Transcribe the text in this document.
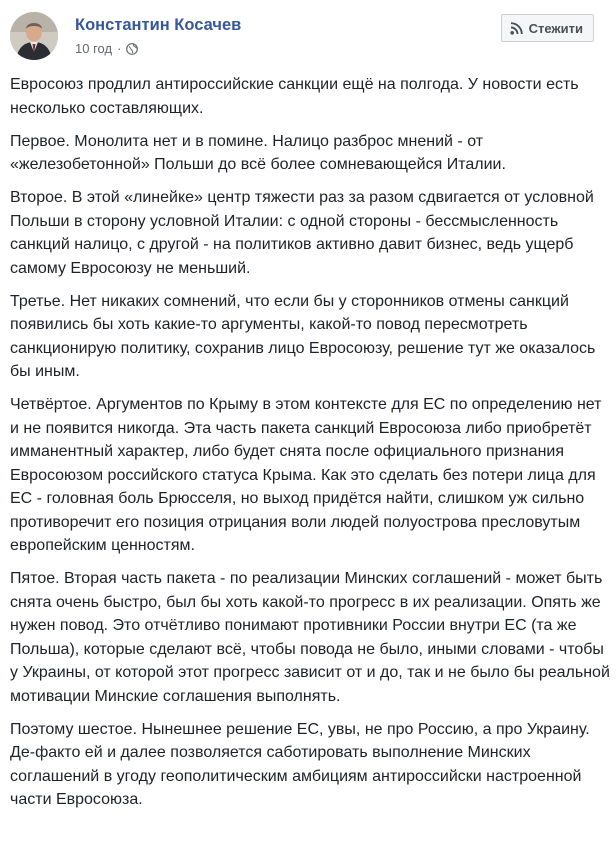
Константин Косачев
10 год ·
Стежити

Евросоюз продлил антироссийские санкции ещё на полгода. У новости есть несколько составляющих.

Первое. Монолита нет и в помине. Налицо разброс мнений - от «железобетонной» Польши до всё более сомневающейся Италии.

Второе. В этой «линейке» центр тяжести раз за разом сдвигается от условной Польши в сторону условной Италии: с одной стороны - бессмысленность санкций налицо, с другой - на политиков активно давит бизнес, ведь ущерб самому Евросоюзу не меньший.

Третье. Нет никаких сомнений, что если бы у сторонников отмены санкций появились бы хоть какие-то аргументы, какой-то повод пересмотреть санкционирую политику, сохранив лицо Евросоюзу, решение тут же оказалось бы иным.

Четвёртое. Аргументов по Крыму в этом контексте для ЕС по определению нет и не появится никогда. Эта часть пакета санкций Евросоюза либо приобретёт имманентный характер, либо будет снята после официального признания Евросоюзом российского статуса Крыма. Как это сделать без потери лица для ЕС - головная боль Брюсселя, но выход придётся найти, слишком уж сильно противоречит его позиция отрицания воли людей полуострова пресловутым европейским ценностям.

Пятое. Вторая часть пакета - по реализации Минских соглашений - может быть снята очень быстро, был бы хоть какой-то прогресс в их реализации. Опять же нужен повод. Это отчётливо понимают противники России внутри ЕС (та же Польша), которые сделают всё, чтобы повода не было, иными словами - чтобы у Украины, от которой этот прогресс зависит от и до, так и не было бы реальной мотивации Минские соглашения выполнять.

Поэтому шестое. Нынешнее решение ЕС, увы, не про Россию, а про Украину. Де-факто ей и далее позволяется саботировать выполнение Минских соглашений в угоду геополитическим амбициям антироссийски настроенной части Евросоюза.
